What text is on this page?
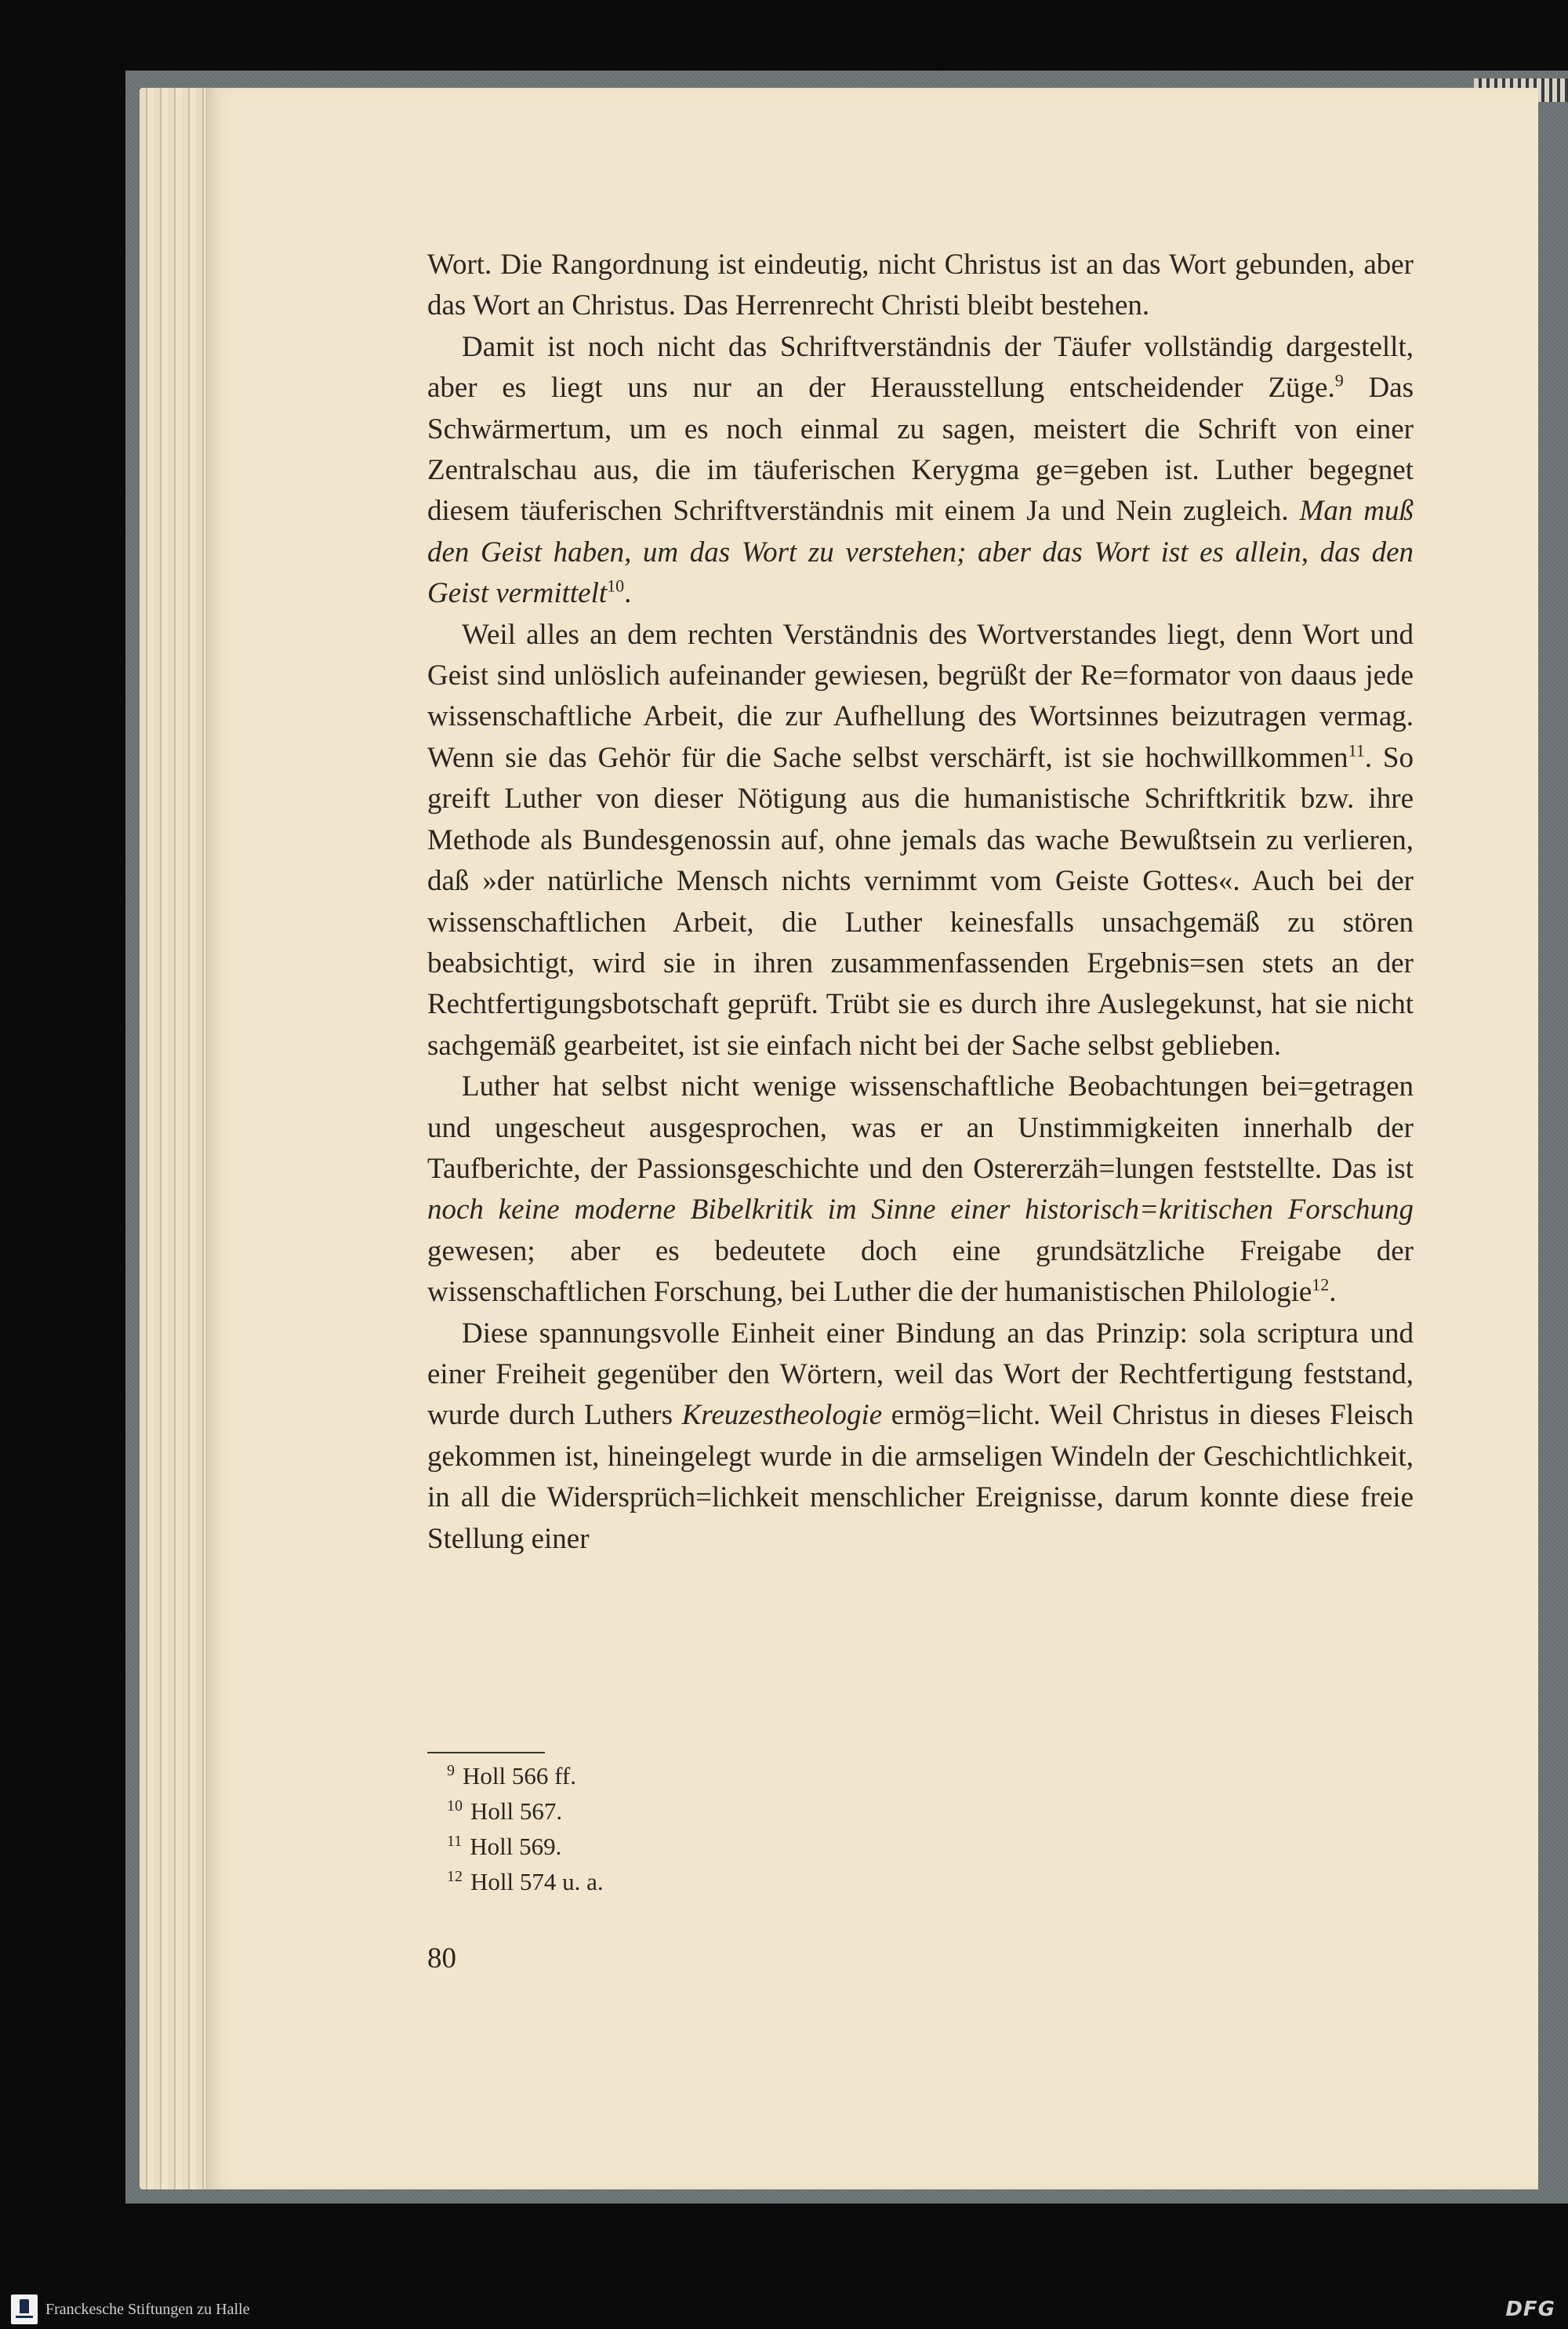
Wort. Die Rangordnung ist eindeutig, nicht Christus ist an das Wort gebunden, aber das Wort an Christus. Das Herrenrecht Christi bleibt bestehen.

Damit ist noch nicht das Schriftverständnis der Täufer vollständig dargestellt, aber es liegt uns nur an der Herausstellung entscheidender Züge.$^9$ Das Schwärmertum, um es noch einmal zu sagen, meistert die Schrift von einer Zentralschau aus, die im täuferischen Kerygma ge=geben ist. Luther begegnet diesem täuferischen Schriftverständnis mit einem Ja und Nein zugleich. Man muß den Geist haben, um das Wort zu verstehen; aber das Wort ist es allein, das den Geist vermittelt$^{10}$.

Weil alles an dem rechten Verständnis des Wortverstandes liegt, denn Wort und Geist sind unlöslich aufeinander gewiesen, begrüßt der Re=formator von daaus jede wissenschaftliche Arbeit, die zur Aufhellung des Wortsinnes beizutragen vermag. Wenn sie das Gehör für die Sache selbst verschärft, ist sie hochwillkommen$^{11}$. So greift Luther von dieser Nötigung aus die humanistische Schriftkritik bzw. ihre Methode als Bundesgenossin auf, ohne jemals das wache Bewußtsein zu verlieren, daß »der natürliche Mensch nichts vernimmt vom Geiste Gottes«. Auch bei der wissenschaftlichen Arbeit, die Luther keinesfalls unsachgemäß zu stören beabsichtigt, wird sie in ihren zusammenfassenden Ergebnis=sen stets an der Rechtfertigungsbotschaft geprüft. Trübt sie es durch ihre Auslegekunst, hat sie nicht sachgemäß gearbeitet, ist sie einfach nicht bei der Sache selbst geblieben.

Luther hat selbst nicht wenige wissenschaftliche Beobachtungen bei=getragen und ungescheut ausgesprochen, was er an Unstimmigkeiten innerhalb der Taufberichte, der Passionsgeschichte und den Ostererzäh=lungen feststellte. Das ist noch keine moderne Bibelkritik im Sinne einer historisch=kritischen Forschung gewesen; aber es bedeutete doch eine grundsätzliche Freigabe der wissenschaftlichen Forschung, bei Luther die der humanistischen Philologie$^{12}$.

Diese spannungsvolle Einheit einer Bindung an das Prinzip: sola scriptura und einer Freiheit gegenüber den Wörtern, weil das Wort der Rechtfertigung feststand, wurde durch Luthers Kreuzestheologie ermög=licht. Weil Christus in dieses Fleisch gekommen ist, hineingelegt wurde in die armseligen Windeln der Geschichtlichkeit, in all die Widersprüch=lichkeit menschlicher Ereignisse, darum konnte diese freie Stellung einer

$^9$ Holl 566 ff.
$^{10}$ Holl 567.
$^{11}$ Holl 569.
$^{12}$ Holl 574 u. a.
80
Franckesche Stiftungen zu Halle	DFG
